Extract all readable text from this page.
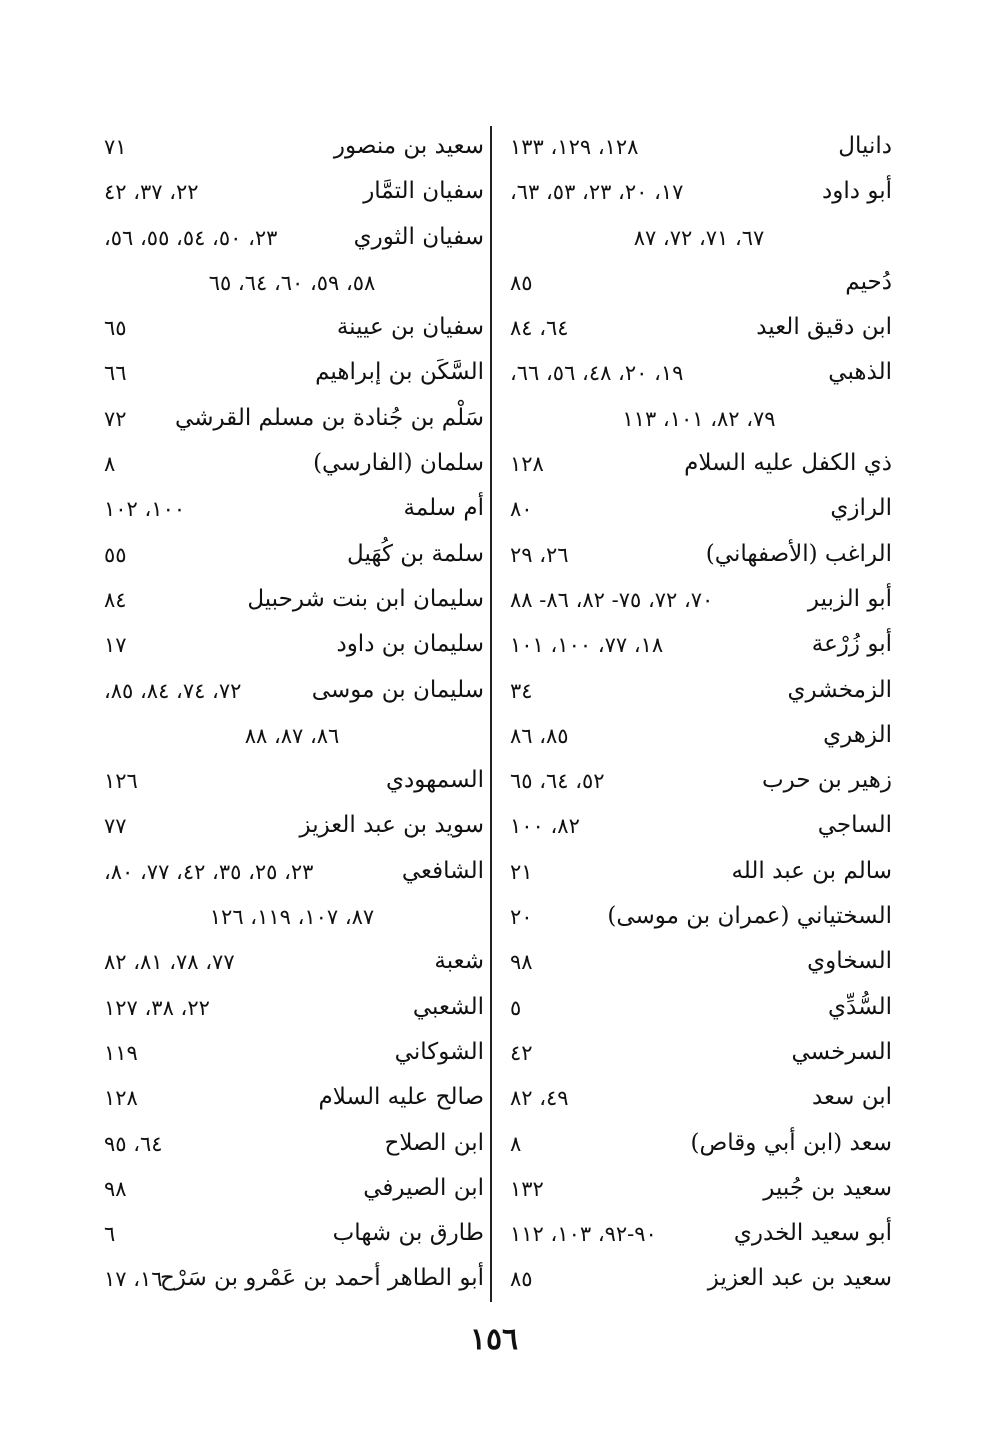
دانيال
١٢٨، ١٢٩، ١٣٣
أبو داود
١٧، ٢٠، ٢٣، ٥٣، ٦٣،
٦٧، ٧١، ٧٢، ٨٧
دُحيم
٨٥
ابن دقيق العيد
٦٤، ٨٤
الذهبي
١٩، ٢٠، ٤٨، ٥٦، ٦٦،
٧٩، ٨٢، ١٠١، ١١٣
ذي الكفل عليه السلام
١٢٨
الرازي
٨٠
الراغب (الأصفهاني)
٢٦، ٢٩
أبو الزبير
٧٠، ٧٢، ٧٥- ٨٢، ٨٦- ٨٨
أبو زُرْعة
١٨، ٧٧، ١٠٠، ١٠١
الزمخشري
٣٤
الزهري
٨٥، ٨٦
زهير بن حرب
٥٢، ٦٤، ٦٥
الساجي
٨٢، ١٠٠
سالم بن عبد الله
٢١
السختياني (عمران بن موسى)
٢٠
السخاوي
٩٨
السُّدِّي
٥
السرخسي
٤٢
ابن سعد
٤٩، ٨٢
سعد (ابن أبي وقاص)
٨
سعيد بن جُبير
١٣٢
أبو سعيد الخدري
٩٠-٩٢، ١٠٣، ١١٢
سعيد بن عبد العزيز
٨٥
سعيد بن منصور
٧١
سفيان التمَّار
٢٢، ٣٧، ٤٢
سفيان الثوري
٢٣، ٥٠، ٥٤، ٥٥، ٥٦،
٥٨، ٥٩، ٦٠، ٦٤، ٦٥
سفيان بن عيينة
٦٥
السَّكَن بن إبراهيم
٦٦
سَلْم بن جُنادة بن مسلم القرشي
٧٢
سلمان (الفارسي)
٨
أم سلمة
١٠٠، ١٠٢
سلمة بن كُهَيل
٥٥
سليمان ابن بنت شرحبيل
٨٤
سليمان بن داود
١٧
سليمان بن موسى
٧٢، ٧٤، ٨٤، ٨٥،
٨٦، ٨٧، ٨٨
السمهودي
١٢٦
سويد بن عبد العزيز
٧٧
الشافعي
٢٣، ٢٥، ٣٥، ٤٢، ٧٧، ٨٠،
٨٧، ١٠٧، ١١٩، ١٢٦
شعبة
٧٧، ٧٨، ٨١، ٨٢
الشعبي
٢٢، ٣٨، ١٢٧
الشوكاني
١١٩
صالح عليه السلام
١٢٨
ابن الصلاح
٦٤، ٩٥
ابن الصيرفي
٩٨
طارق بن شهاب
٦
أبو الطاهر أحمد بن عَمْرو بن سَرْح
١٦، ١٧
١٥٦
